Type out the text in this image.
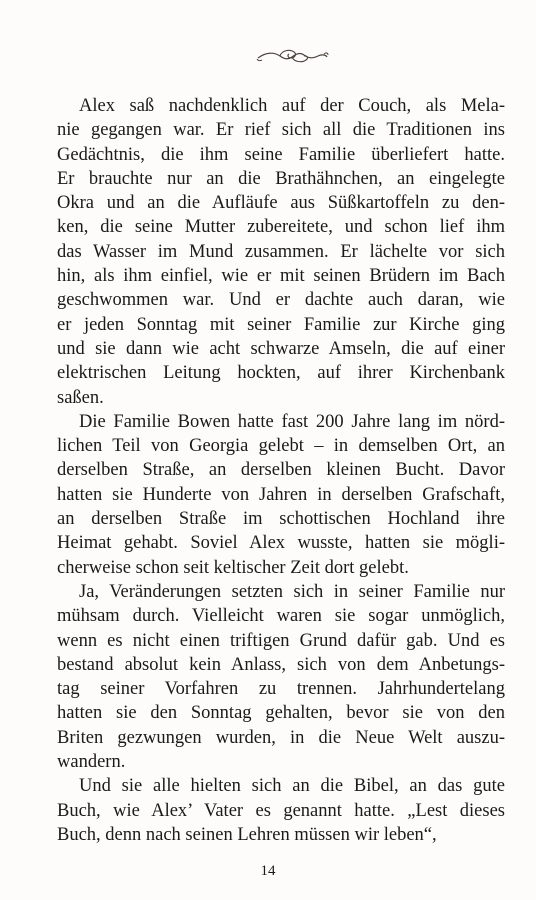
Alex saß nachdenklich auf der Couch, als Mela-
nie gegangen war. Er rief sich all die Traditionen ins
Gedächtnis, die ihm seine Familie überliefert hatte.
Er brauchte nur an die Brathähnchen, an eingelegte
Okra und an die Aufläufe aus Süßkartoffeln zu den-
ken, die seine Mutter zubereitete, und schon lief ihm
das Wasser im Mund zusammen. Er lächelte vor sich
hin, als ihm einfiel, wie er mit seinen Brüdern im Bach
geschwommen war. Und er dachte auch daran, wie
er jeden Sonntag mit seiner Familie zur Kirche ging
und sie dann wie acht schwarze Amseln, die auf einer
elektrischen Leitung hockten, auf ihrer Kirchenbank
saßen.
Die Familie Bowen hatte fast 200 Jahre lang im nörd-
lichen Teil von Georgia gelebt – in demselben Ort, an
derselben Straße, an derselben kleinen Bucht. Davor
hatten sie Hunderte von Jahren in derselben Grafschaft,
an derselben Straße im schottischen Hochland ihre
Heimat gehabt. Soviel Alex wusste, hatten sie mögli-
cherweise schon seit keltischer Zeit dort gelebt.
Ja, Veränderungen setzten sich in seiner Familie nur
mühsam durch. Vielleicht waren sie sogar unmöglich,
wenn es nicht einen triftigen Grund dafür gab. Und es
bestand absolut kein Anlass, sich von dem Anbetungs-
tag seiner Vorfahren zu trennen. Jahrhundertelang
hatten sie den Sonntag gehalten, bevor sie von den
Briten gezwungen wurden, in die Neue Welt auszu-
wandern.
Und sie alle hielten sich an die Bibel, an das gute
Buch, wie Alex’ Vater es genannt hatte. „Lest dieses
Buch, denn nach seinen Lehren müssen wir leben“,
14
